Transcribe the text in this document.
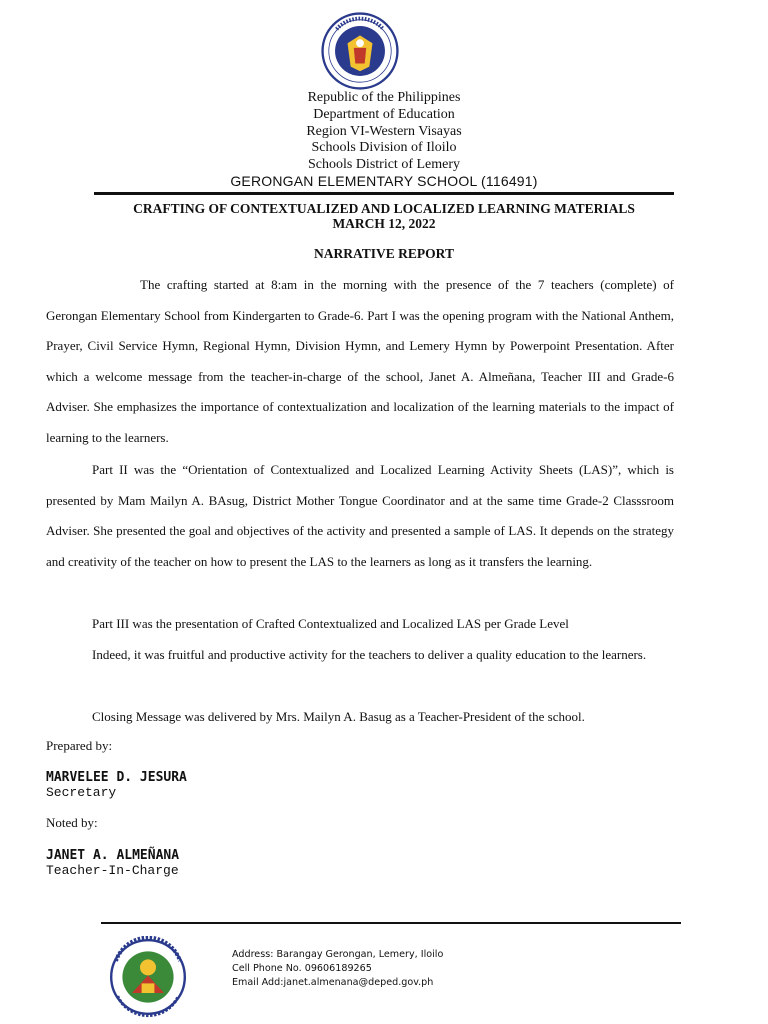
Republic of the Philippines
Department of Education
Region VI-Western Visayas
Schools Division of Iloilo
Schools District of Lemery
GERONGAN ELEMENTARY SCHOOL (116491)
CRAFTING OF CONTEXTUALIZED AND LOCALIZED LEARNING MATERIALS
MARCH 12, 2022
NARRATIVE REPORT

The crafting started at 8:am in the morning with the presence of the 7 teachers (complete) of Gerongan Elementary School from Kindergarten to Grade-6. Part I was the opening program with the National Anthem, Prayer, Civil Service Hymn, Regional Hymn, Division Hymn, and Lemery Hymn by Powerpoint Presentation. After which a welcome message from the teacher-in-charge of the school, Janet A. Almeñana, Teacher III and Grade-6 Adviser. She emphasizes the importance of contextualization and localization of the learning materials to the impact of learning to the learners.

Part II was the “Orientation of Contextualized and Localized Learning Activity Sheets (LAS)”, which is presented by Mam Mailyn A. BAsug, District Mother Tongue Coordinator and at the same time Grade-2 Classsroom Adviser. She presented the goal and objectives of the activity and presented a sample of LAS. It depends on the strategy and creativity of the teacher on how to present the LAS to the learners as long as it transfers the learning.

Part III was the presentation of Crafted Contextualized and Localized LAS per Grade Level

Indeed, it was fruitful and productive activity for the teachers to deliver a quality education to the learners.

Closing Message was delivered by Mrs. Mailyn A. Basug as a Teacher-President of the school.

Prepared by:
MARVELEE D. JESURA
Secretary
Noted by:
JANET A. ALMEÑANA
Teacher-In-Charge
Address: Barangay Gerongan, Lemery, Iloilo
Cell Phone No. 09606189265
Email Add:janet.almenana@deped.gov.ph
